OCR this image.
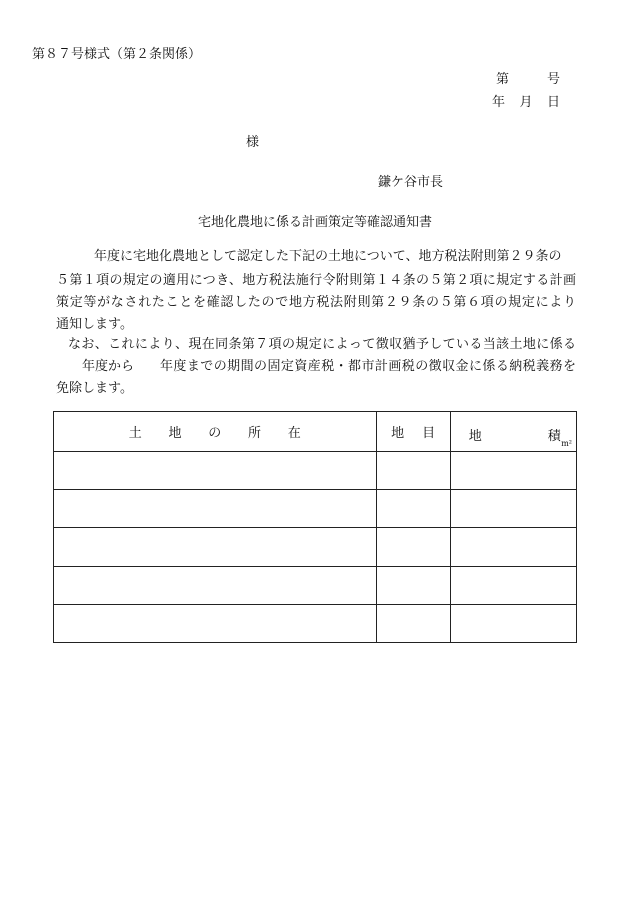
第８７号様式（第２条関係）
第	号
年 月 日
様
鎌ケ谷市長
宅地化農地に係る計画策定等確認通知書
年度に宅地化農地として認定した下記の土地について、地方税法附則第２９条の
５第１項の規定の適用につき、地方税法施行令附則第１４条の５第２項に規定する計画
策定等がなされたことを確認したので地方税法附則第２９条の５第６項の規定により
通知します。
なお、これにより、現在同条第７項の規定によって徴収猶予している当該土地に係る
年度から 年度までの期間の固定資産税・都市計画税の徴収金に係る納税義務を
免除します。
土 地 の 所 在	地 目	地 積 m²
